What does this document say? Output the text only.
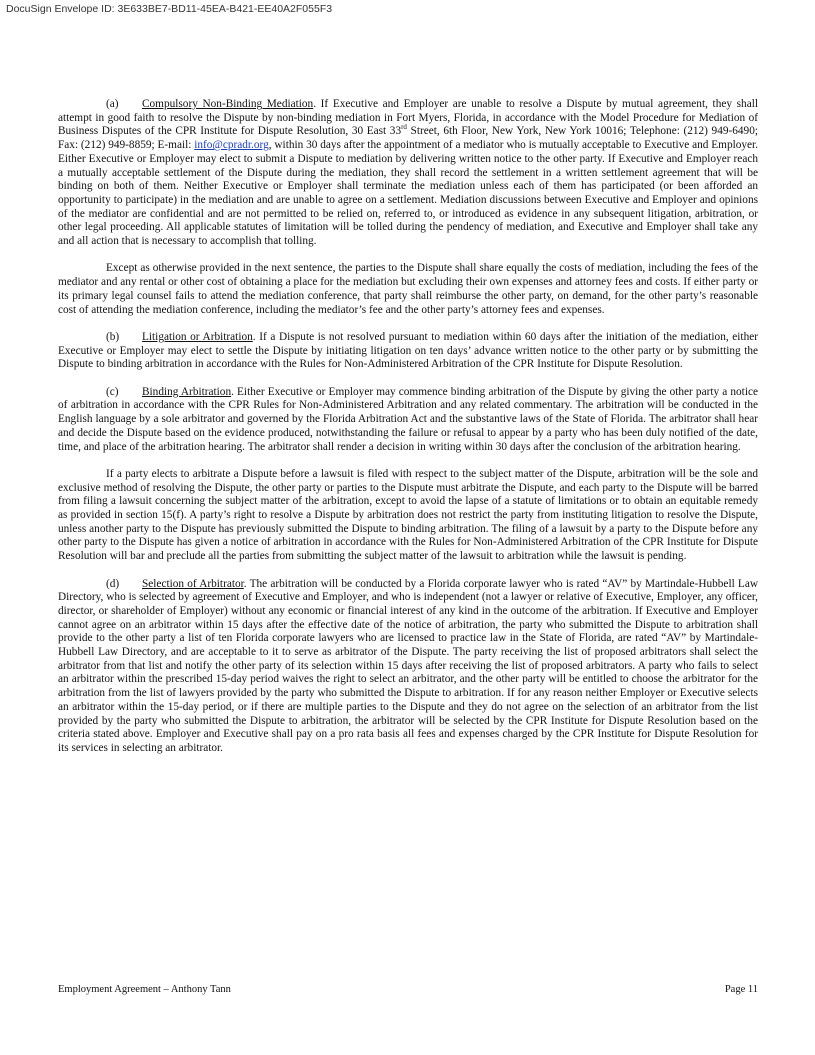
DocuSign Envelope ID: 3E633BE7-BD11-45EA-B421-EE40A2F055F3

(a) Compulsory Non-Binding Mediation. If Executive and Employer are unable to resolve a Dispute by mutual agreement, they shall attempt in good faith to resolve the Dispute by non-binding mediation in Fort Myers, Florida, in accordance with the Model Procedure for Mediation of Business Disputes of the CPR Institute for Dispute Resolution, 30 East 33rd Street, 6th Floor, New York, New York 10016; Telephone: (212) 949-6490; Fax: (212) 949-8859; E-mail: info@cpradr.org, within 30 days after the appointment of a mediator who is mutually acceptable to Executive and Employer. Either Executive or Employer may elect to submit a Dispute to mediation by delivering written notice to the other party. If Executive and Employer reach a mutually acceptable settlement of the Dispute during the mediation, they shall record the settlement in a written settlement agreement that will be binding on both of them. Neither Executive or Employer shall terminate the mediation unless each of them has participated (or been afforded an opportunity to participate) in the mediation and are unable to agree on a settlement. Mediation discussions between Executive and Employer and opinions of the mediator are confidential and are not permitted to be relied on, referred to, or introduced as evidence in any subsequent litigation, arbitration, or other legal proceeding. All applicable statutes of limitation will be tolled during the pendency of mediation, and Executive and Employer shall take any and all action that is necessary to accomplish that tolling.

Except as otherwise provided in the next sentence, the parties to the Dispute shall share equally the costs of mediation, including the fees of the mediator and any rental or other cost of obtaining a place for the mediation but excluding their own expenses and attorney fees and costs. If either party or its primary legal counsel fails to attend the mediation conference, that party shall reimburse the other party, on demand, for the other party’s reasonable cost of attending the mediation conference, including the mediator’s fee and the other party’s attorney fees and expenses.

(b) Litigation or Arbitration. If a Dispute is not resolved pursuant to mediation within 60 days after the initiation of the mediation, either Executive or Employer may elect to settle the Dispute by initiating litigation on ten days’ advance written notice to the other party or by submitting the Dispute to binding arbitration in accordance with the Rules for Non-Administered Arbitration of the CPR Institute for Dispute Resolution.

(c) Binding Arbitration. Either Executive or Employer may commence binding arbitration of the Dispute by giving the other party a notice of arbitration in accordance with the CPR Rules for Non-Administered Arbitration and any related commentary. The arbitration will be conducted in the English language by a sole arbitrator and governed by the Florida Arbitration Act and the substantive laws of the State of Florida. The arbitrator shall hear and decide the Dispute based on the evidence produced, notwithstanding the failure or refusal to appear by a party who has been duly notified of the date, time, and place of the arbitration hearing. The arbitrator shall render a decision in writing within 30 days after the conclusion of the arbitration hearing.

If a party elects to arbitrate a Dispute before a lawsuit is filed with respect to the subject matter of the Dispute, arbitration will be the sole and exclusive method of resolving the Dispute, the other party or parties to the Dispute must arbitrate the Dispute, and each party to the Dispute will be barred from filing a lawsuit concerning the subject matter of the arbitration, except to avoid the lapse of a statute of limitations or to obtain an equitable remedy as provided in section 15(f). A party’s right to resolve a Dispute by arbitration does not restrict the party from instituting litigation to resolve the Dispute, unless another party to the Dispute has previously submitted the Dispute to binding arbitration. The filing of a lawsuit by a party to the Dispute before any other party to the Dispute has given a notice of arbitration in accordance with the Rules for Non-Administered Arbitration of the CPR Institute for Dispute Resolution will bar and preclude all the parties from submitting the subject matter of the lawsuit to arbitration while the lawsuit is pending.

(d) Selection of Arbitrator. The arbitration will be conducted by a Florida corporate lawyer who is rated “AV” by Martindale-Hubbell Law Directory, who is selected by agreement of Executive and Employer, and who is independent (not a lawyer or relative of Executive, Employer, any officer, director, or shareholder of Employer) without any economic or financial interest of any kind in the outcome of the arbitration. If Executive and Employer cannot agree on an arbitrator within 15 days after the effective date of the notice of arbitration, the party who submitted the Dispute to arbitration shall provide to the other party a list of ten Florida corporate lawyers who are licensed to practice law in the State of Florida, are rated “AV” by Martindale-Hubbell Law Directory, and are acceptable to it to serve as arbitrator of the Dispute. The party receiving the list of proposed arbitrators shall select the arbitrator from that list and notify the other party of its selection within 15 days after receiving the list of proposed arbitrators. A party who fails to select an arbitrator within the prescribed 15-day period waives the right to select an arbitrator, and the other party will be entitled to choose the arbitrator for the arbitration from the list of lawyers provided by the party who submitted the Dispute to arbitration. If for any reason neither Employer or Executive selects an arbitrator within the 15-day period, or if there are multiple parties to the Dispute and they do not agree on the selection of an arbitrator from the list provided by the party who submitted the Dispute to arbitration, the arbitrator will be selected by the CPR Institute for Dispute Resolution based on the criteria stated above. Employer and Executive shall pay on a pro rata basis all fees and expenses charged by the CPR Institute for Dispute Resolution for its services in selecting an arbitrator.

Employment Agreement – Anthony Tann	Page 11
